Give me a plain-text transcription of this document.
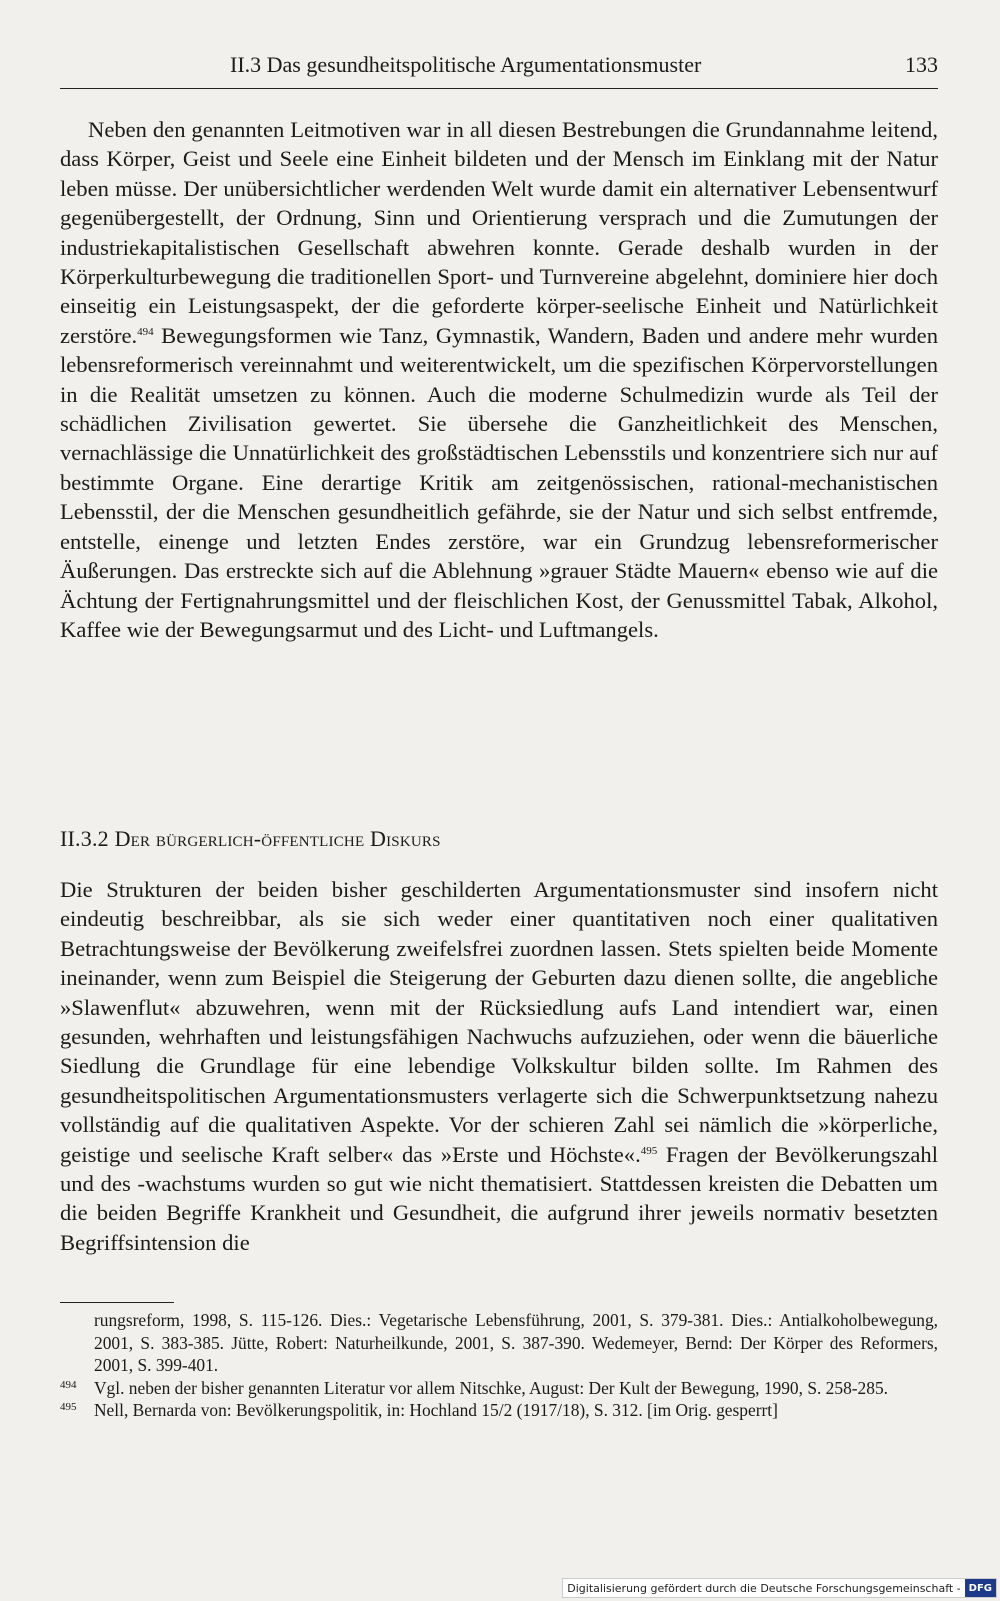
II.3 Das gesundheitspolitische Argumentationsmuster	133

Neben den genannten Leitmotiven war in all diesen Bestrebungen die Grundannahme leitend, dass Körper, Geist und Seele eine Einheit bildeten und der Mensch im Einklang mit der Natur leben müsse. Der unübersichtlicher werdenden Welt wurde damit ein alternativer Lebensentwurf gegenübergestellt, der Ordnung, Sinn und Orientierung versprach und die Zumutungen der industriekapitalistischen Gesellschaft abwehren konnte. Gerade deshalb wurden in der Körperkulturbewegung die traditionellen Sport- und Turnvereine abgelehnt, dominiere hier doch einseitig ein Leistungsaspekt, der die geforderte körper-seelische Einheit und Natürlichkeit zerstöre.$^{494}$ Bewegungsformen wie Tanz, Gymnastik, Wandern, Baden und andere mehr wurden lebensreformerisch vereinnahmt und weiterentwickelt, um die spezifischen Körpervorstellungen in die Realität umsetzen zu können. Auch die moderne Schulmedizin wurde als Teil der schädlichen Zivilisation gewertet. Sie übersehe die Ganzheitlichkeit des Menschen, vernachlässige die Unnatürlichkeit des großstädtischen Lebensstils und konzentriere sich nur auf bestimmte Organe. Eine derartige Kritik am zeitgenössischen, rational-mechanistischen Lebensstil, der die Menschen gesundheitlich gefährde, sie der Natur und sich selbst entfremde, entstelle, einenge und letzten Endes zerstöre, war ein Grundzug lebensreformerischer Äußerungen. Das erstreckte sich auf die Ablehnung »grauer Städte Mauern« ebenso wie auf die Ächtung der Fertignahrungsmittel und der fleischlichen Kost, der Genussmittel Tabak, Alkohol, Kaffee wie der Bewegungsarmut und des Licht- und Luftmangels.

II.3.2 Der bürgerlich-öffentliche Diskurs

Die Strukturen der beiden bisher geschilderten Argumentationsmuster sind insofern nicht eindeutig beschreibbar, als sie sich weder einer quantitativen noch einer qualitativen Betrachtungsweise der Bevölkerung zweifelsfrei zuordnen lassen. Stets spielten beide Momente ineinander, wenn zum Beispiel die Steigerung der Geburten dazu dienen sollte, die angebliche »Slawenflut« abzuwehren, wenn mit der Rücksiedlung aufs Land intendiert war, einen gesunden, wehrhaften und leistungsfähigen Nachwuchs aufzuziehen, oder wenn die bäuerliche Siedlung die Grundlage für eine lebendige Volkskultur bilden sollte. Im Rahmen des gesundheitspolitischen Argumentationsmusters verlagerte sich die Schwerpunktsetzung nahezu vollständig auf die qualitativen Aspekte. Vor der schieren Zahl sei nämlich die »körperliche, geistige und seelische Kraft selber« das »Erste und Höchste«.$^{495}$ Fragen der Bevölkerungszahl und des -wachstums wurden so gut wie nicht thematisiert. Stattdessen kreisten die Debatten um die beiden Begriffe Krankheit und Gesundheit, die aufgrund ihrer jeweils normativ besetzten Begriffsintension die

rungsreform, 1998, S. 115-126. Dies.: Vegetarische Lebensführung, 2001, S. 379-381. Dies.: Antialkoholbewegung, 2001, S. 383-385. Jütte, Robert: Naturheilkunde, 2001, S. 387-390. Wedemeyer, Bernd: Der Körper des Reformers, 2001, S. 399-401.

494 Vgl. neben der bisher genannten Literatur vor allem Nitschke, August: Der Kult der Bewegung, 1990, S. 258-285.

495 Nell, Bernarda von: Bevölkerungspolitik, in: Hochland 15/2 (1917/18), S. 312. [im Orig. gesperrt]

Digitalisierung gefördert durch die Deutsche Forschungsgemeinschaft - DFG
